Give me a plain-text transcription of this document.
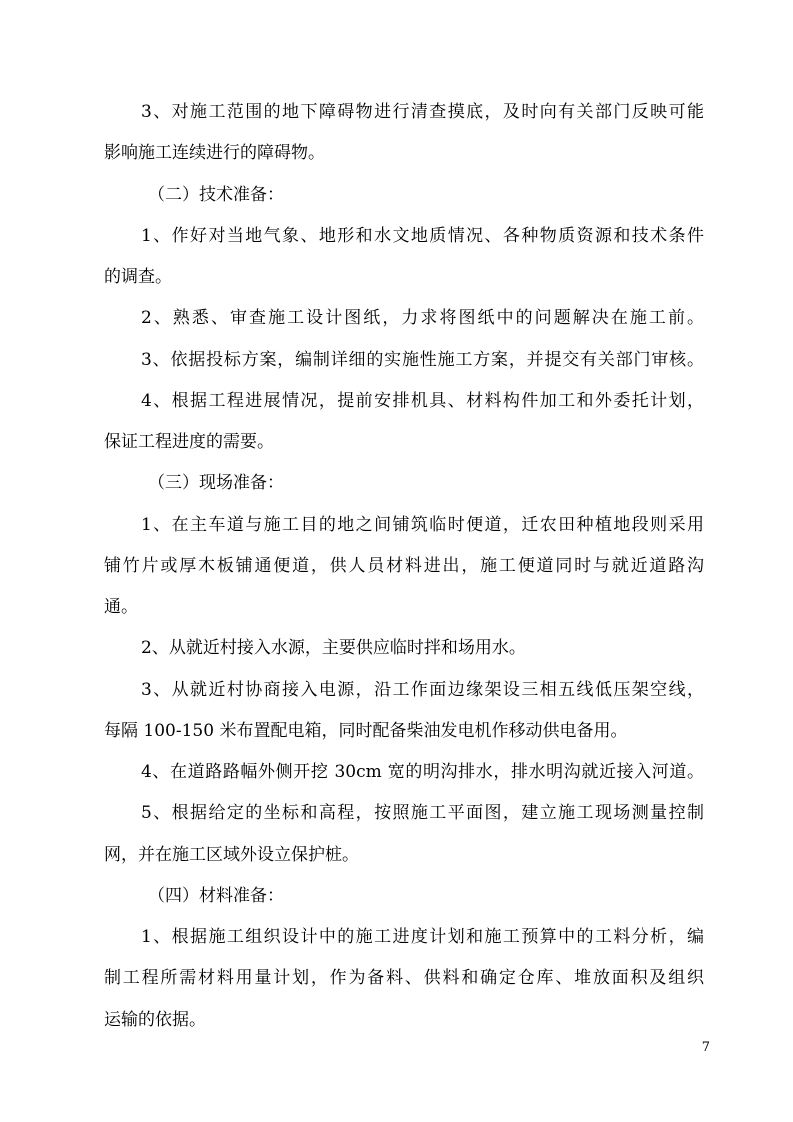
3、对施工范围的地下障碍物进行清查摸底，及时向有关部门反映可能
影响施工连续进行的障碍物。
（二）技术准备：
1、作好对当地气象、地形和水文地质情况、各种物质资源和技术条件
的调查。
2、熟悉、审查施工设计图纸，力求将图纸中的问题解决在施工前。
3、依据投标方案，编制详细的实施性施工方案，并提交有关部门审核。
4、根据工程进展情况，提前安排机具、材料构件加工和外委托计划，
保证工程进度的需要。
（三）现场准备：
1、在主车道与施工目的地之间铺筑临时便道，迁农田种植地段则采用
铺竹片或厚木板铺通便道，供人员材料进出，施工便道同时与就近道路沟
通。
2、从就近村接入水源，主要供应临时拌和场用水。
3、从就近村协商接入电源，沿工作面边缘架设三相五线低压架空线，
每隔 100-150 米布置配电箱，同时配备柴油发电机作移动供电备用。
4、在道路路幅外侧开挖 30cm 宽的明沟排水，排水明沟就近接入河道。
5、根据给定的坐标和高程，按照施工平面图，建立施工现场测量控制
网，并在施工区域外设立保护桩。
（四）材料准备：
1、根据施工组织设计中的施工进度计划和施工预算中的工料分析，编
制工程所需材料用量计划，作为备料、供料和确定仓库、堆放面积及组织
运输的依据。
7
